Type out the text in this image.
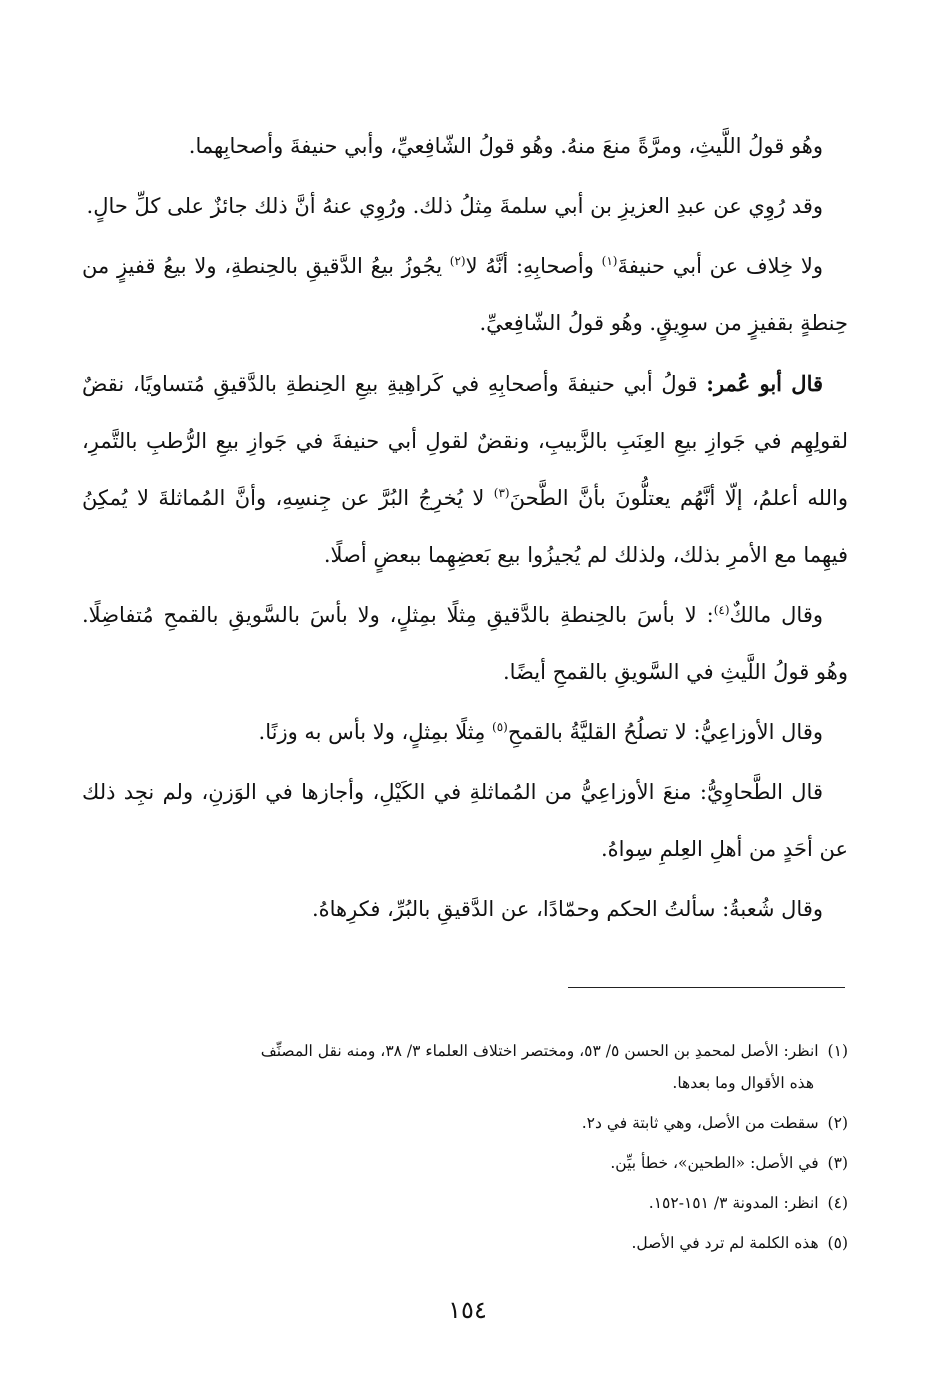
وهُو قولُ اللَّيثِ، ومرَّةً منعَ منهُ. وهُو قولُ الشّافِعيِّ، وأبي حنيفةَ وأصحابِهما.

وقد رُوِي عن عبدِ العزيزِ بن أبي سلمةَ مِثلُ ذلك. ورُوِي عنهُ أنَّ ذلك جائزٌ على كلِّ حالٍ.

ولا خِلاف عن أبي حنيفةَ$^{(١)}$ وأصحابِهِ: أنَّهُ لا$^{(٢)}$ يجُوزُ بيعُ الدَّقيقِ بالحِنطةِ، ولا بيعُ قفيزٍ من حِنطةٍ بقفيزٍ من سوِيقٍ. وهُو قولُ الشّافِعيِّ.

قال أبو عُمر: قولُ أبي حنيفةَ وأصحابِهِ في كَراهِيةِ بيعِ الحِنطةِ بالدَّقيقِ مُتساويًا، نقضٌ لقولِهِم في جَوازِ بيعِ العِنَبِ بالزَّبيبِ، ونقضٌ لقولِ أبي حنيفةَ في جَوازِ بيعِ الرُّطبِ بالتَّمرِ، والله أعلمُ، إلّا أنَّهُم يعتلُّونَ بأنَّ الطَّحنَ$^{(٣)}$ لا يُخرِجُ البُرَّ عن جِنسِهِ، وأنَّ المُماثلةَ لا يُمكِنُ فيهِما مع الأمرِ بذلك، ولذلك لم يُجيزُوا بيع بَعضِهِما ببعضٍ أصلًا.

وقال مالكٌ$^{(٤)}$: لا بأسَ بالحِنطةِ بالدَّقيقِ مِثلًا بمِثلٍ، ولا بأسَ بالسَّويقِ بالقمحِ مُتفاضِلًا. وهُو قولُ اللَّيثِ في السَّويقِ بالقمحِ أيضًا.

وقال الأوزاعِيُّ: لا تصلُحُ القليَّةُ بالقمحِ$^{(٥)}$ مِثلًا بمِثلٍ، ولا بأس به وزنًا.

قال الطَّحاوِيُّ: منعَ الأوزاعِيُّ من المُماثلةِ في الكَيْلِ، وأجازها في الوَزنِ، ولم نجِد ذلك عن أحَدٍ من أهلِ العِلمِ سِواهُ.

وقال شُعبةُ: سألتُ الحكم وحمّادًا، عن الدَّقيقِ بالبُرِّ، فكرِهاهُ.

(١) انظر: الأصل لمحمدِ بن الحسن ٥/ ٥٣، ومختصر اختلاف العلماء ٣/ ٣٨، ومنه نقل المصنِّف
هذه الأقوال وما بعدها.
(٢) سقطت من الأصل، وهي ثابتة في د٢.
(٣) في الأصل: «الطحين»، خطأ بيِّن.
(٤) انظر: المدونة ٣/ ١٥١-١٥٢.
(٥) هذه الكلمة لم ترد في الأصل.
١٥٤
